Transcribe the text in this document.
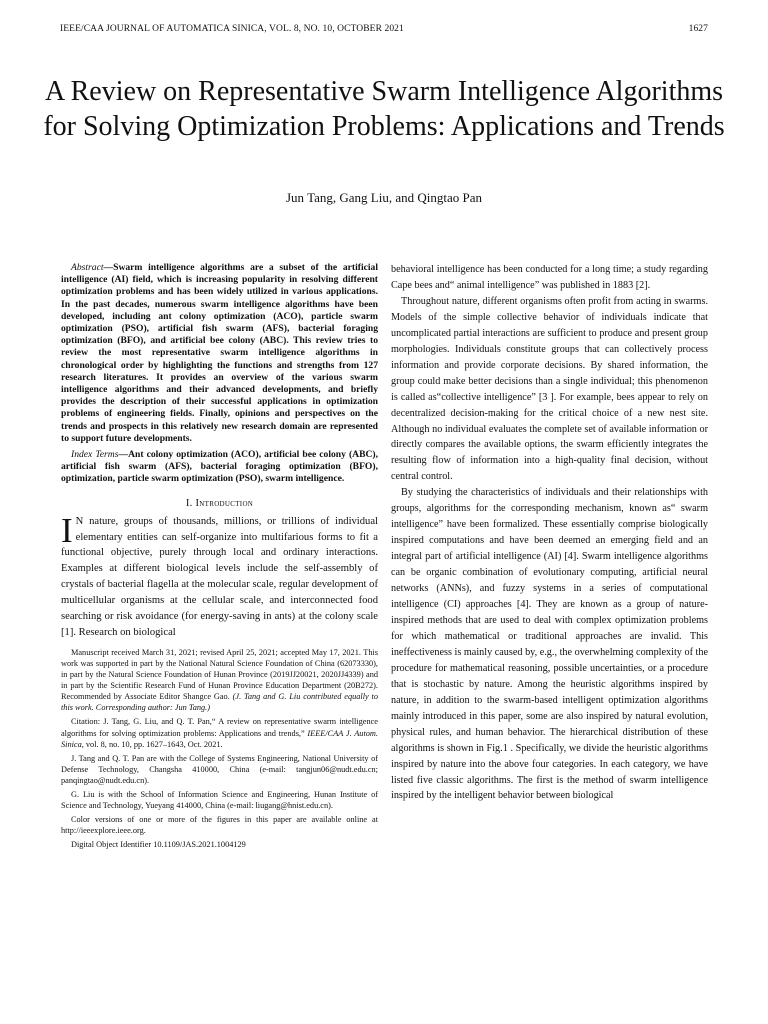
IEEE/CAA JOURNAL OF AUTOMATICA SINICA, VOL. 8, NO. 10, OCTOBER 2021	1627
A Review on Representative Swarm Intelligence Algorithms for Solving Optimization Problems: Applications and Trends
Jun Tang, Gang Liu, and Qingtao Pan

Abstract—Swarm intelligence algorithms are a subset of the artificial intelligence (AI) field, which is increasing popularity in resolving different optimization problems and has been widely utilized in various applications. In the past decades, numerous swarm intelligence algorithms have been developed, including ant colony optimization (ACO), particle swarm optimization (PSO), artificial fish swarm (AFS), bacterial foraging optimization (BFO), and artificial bee colony (ABC). This review tries to review the most representative swarm intelligence algorithms in chronological order by highlighting the functions and strengths from 127 research literatures. It provides an overview of the various swarm intelligence algorithms and their advanced developments, and briefly provides the description of their successful applications in optimization problems of engineering fields. Finally, opinions and perspectives on the trends and prospects in this relatively new research domain are represented to support future developments.

Index Terms—Ant colony optimization (ACO), artificial bee colony (ABC), artificial fish swarm (AFS), bacterial foraging optimization (BFO), optimization, particle swarm optimization (PSO), swarm intelligence.

I. Introduction

I N nature, groups of thousands, millions, or trillions of individual elementary entities can self-organize into multifarious forms to fit a functional objective, purely through local and ordinary interactions. Examples at different biological levels include the self-assembly of crystals of bacterial flagella at the molecular scale, regular development of multicellular organisms at the cellular scale, and interconnected food searching or risk avoidance (for energy-saving in ants) at the colony scale [1]. Research on biological

Manuscript received March 31, 2021; revised April 25, 2021; accepted May 17, 2021. This work was supported in part by the National Natural Science Foundation of China (62073330), in part by the Natural Science Foundation of Hunan Province (2019JJ20021, 2020JJ4339) and in part by the Scientific Research Fund of Hunan Province Education Department (20B272). Recommended by Associate Editor Shangce Gao. (J. Tang and G. Liu contributed equally to this work. Corresponding author: Jun Tang.)

Citation: J. Tang, G. Liu, and Q. T. Pan,“ A review on representative swarm intelligence algorithms for solving optimization problems: Applications and trends,” IEEE/CAA J. Autom. Sinica, vol. 8, no. 10, pp. 1627–1643, Oct. 2021.

J. Tang and Q. T. Pan are with the College of Systems Engineering, National University of Defense Technology, Changsha 410000, China (e-mail: tangjun06@nudt.edu.cn; panqingtao@nudt.edu.cn).

G. Liu is with the School of Information Science and Engineering, Hunan Institute of Science and Technology, Yueyang 414000, China (e-mail: liugang@hnist.edu.cn).

Color versions of one or more of the figures in this paper are available online at http://ieeexplore.ieee.org.

Digital Object Identifier 10.1109/JAS.2021.1004129

behavioral intelligence has been conducted for a long time; a study regarding Cape bees and“ animal intelligence” was published in 1883 [2].

Throughout nature, different organisms often profit from acting in swarms. Models of the simple collective behavior of individuals indicate that uncomplicated partial interactions are sufficient to produce and present group morphologies. Individuals constitute groups that can collectively process information and provide corporate decisions. By shared information, the group could make better decisions than a single individual; this phenomenon is called as“collective intelligence” [3 ]. For example, bees appear to rely on decentralized decision-making for the critical choice of a new nest site. Although no individual evaluates the complete set of available information or directly compares the available options, the swarm efficiently integrates the resulting flow of information into a high-quality final decision, without central control.

By studying the characteristics of individuals and their relationships with groups, algorithms for the corresponding mechanism, known as“ swarm intelligence” have been formalized. These essentially comprise biologically inspired computations and have been deemed an emerging field and an integral part of artificial intelligence (AI) [4]. Swarm intelligence algorithms can be organic combination of evolutionary computing, artificial neural networks (ANNs), and fuzzy systems in a series of computational intelligence (CI) approaches [4]. They are known as a group of nature-inspired methods that are used to deal with complex optimization problems for which mathematical or traditional approaches are invalid. This ineffectiveness is mainly caused by, e.g., the overwhelming complexity of the procedure for mathematical reasoning, possible uncertainties, or a procedure that is stochastic by nature. Among the heuristic algorithms inspired by nature, in addition to the swarm-based intelligent optimization algorithms mainly introduced in this paper, some are also inspired by natural evolution, physical rules, and human behavior. The hierarchical distribution of these algorithms is shown in Fig.1 . Specifically, we divide the heuristic algorithms inspired by nature into the above four categories. In each category, we have listed five classic algorithms. The first is the method of swarm intelligence inspired by the intelligent behavior between biological
